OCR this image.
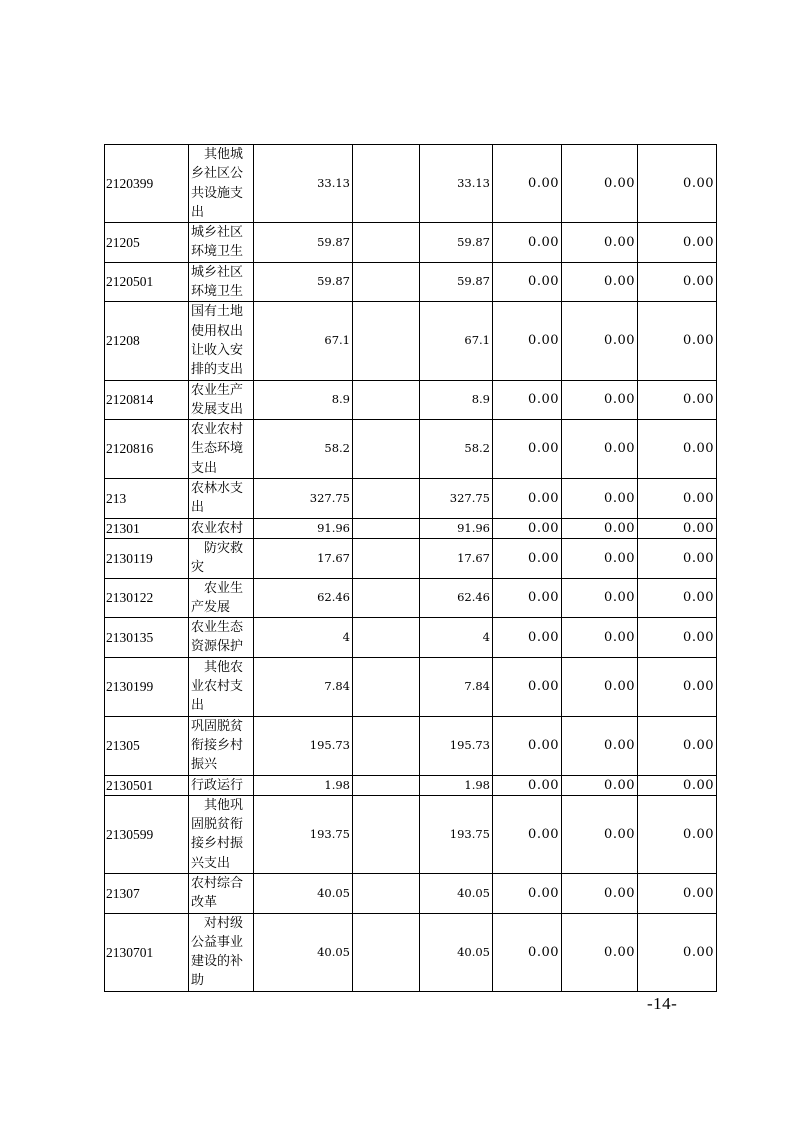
2120399	其他城乡社区公共设施支出	33.13		33.13	0.00	0.00	0.00
21205	城乡社区环境卫生	59.87		59.87	0.00	0.00	0.00
2120501	城乡社区环境卫生	59.87		59.87	0.00	0.00	0.00
21208	国有土地使用权出让收入安排的支出	67.1		67.1	0.00	0.00	0.00
2120814	农业生产发展支出	8.9		8.9	0.00	0.00	0.00
2120816	农业农村生态环境支出	58.2		58.2	0.00	0.00	0.00
213	农林水支出	327.75		327.75	0.00	0.00	0.00
21301	农业农村	91.96		91.96	0.00	0.00	0.00
2130119	防灾救灾	17.67		17.67	0.00	0.00	0.00
2130122	农业生产发展	62.46		62.46	0.00	0.00	0.00
2130135	农业生态资源保护	4		4	0.00	0.00	0.00
2130199	其他农业农村支出	7.84		7.84	0.00	0.00	0.00
21305	巩固脱贫衔接乡村振兴	195.73		195.73	0.00	0.00	0.00
2130501	行政运行	1.98		1.98	0.00	0.00	0.00
2130599	其他巩固脱贫衔接乡村振兴支出	193.75		193.75	0.00	0.00	0.00
21307	农村综合改革	40.05		40.05	0.00	0.00	0.00
2130701	对村级公益事业建设的补助	40.05		40.05	0.00	0.00	0.00
-14-
